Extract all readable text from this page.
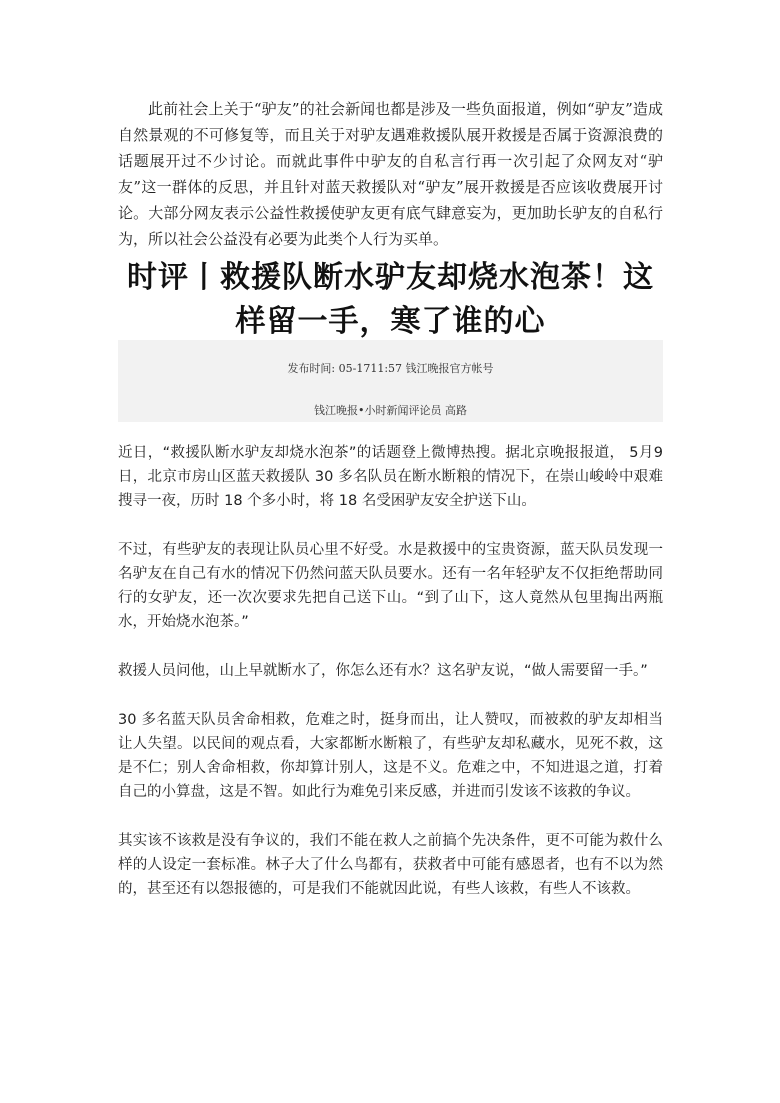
此前社会上关于“驴友”的社会新闻也都是涉及一些负面报道，例如“驴友”造成自然景观的不可修复等，而且关于对驴友遇难救援队展开救援是否属于资源浪费的话题展开过不少讨论。而就此事件中驴友的自私言行再一次引起了众网友对“驴友”这一群体的反思，并且针对蓝天救援队对“驴友”展开救援是否应该收费展开讨论。大部分网友表示公益性救援使驴友更有底气肆意妄为，更加助长驴友的自私行为，所以社会公益没有必要为此类个人行为买单。

时评丨救援队断水驴友却烧水泡茶！这样留一手，寒了谁的心
发布时间: 05-1711:57 钱江晚报官方帐号
钱江晚报•小时新闻评论员 高路

近日，“救援队断水驴友却烧水泡茶”的话题登上微博热搜。据北京晚报报道， 5月9日，北京市房山区蓝天救援队 30 多名队员在断水断粮的情况下，在崇山峻岭中艰难搜寻一夜，历时 18 个多小时，将 18 名受困驴友安全护送下山。

不过，有些驴友的表现让队员心里不好受。水是救援中的宝贵资源，蓝天队员发现一名驴友在自己有水的情况下仍然问蓝天队员要水。还有一名年轻驴友不仅拒绝帮助同行的女驴友，还一次次要求先把自己送下山。“到了山下，这人竟然从包里掏出两瓶水，开始烧水泡茶。”

救援人员问他，山上早就断水了，你怎么还有水？这名驴友说，“做人需要留一手。”

30 多名蓝天队员舍命相救，危难之时，挺身而出，让人赞叹，而被救的驴友却相当让人失望。以民间的观点看，大家都断水断粮了，有些驴友却私藏水，见死不救，这是不仁；别人舍命相救，你却算计别人，这是不义。危难之中，不知进退之道，打着自己的小算盘，这是不智。如此行为难免引来反感，并进而引发该不该救的争议。

其实该不该救是没有争议的，我们不能在救人之前搞个先决条件，更不可能为救什么样的人设定一套标准。林子大了什么鸟都有，获救者中可能有感恩者，也有不以为然的，甚至还有以怨报德的，可是我们不能就因此说，有些人该救，有些人不该救。
